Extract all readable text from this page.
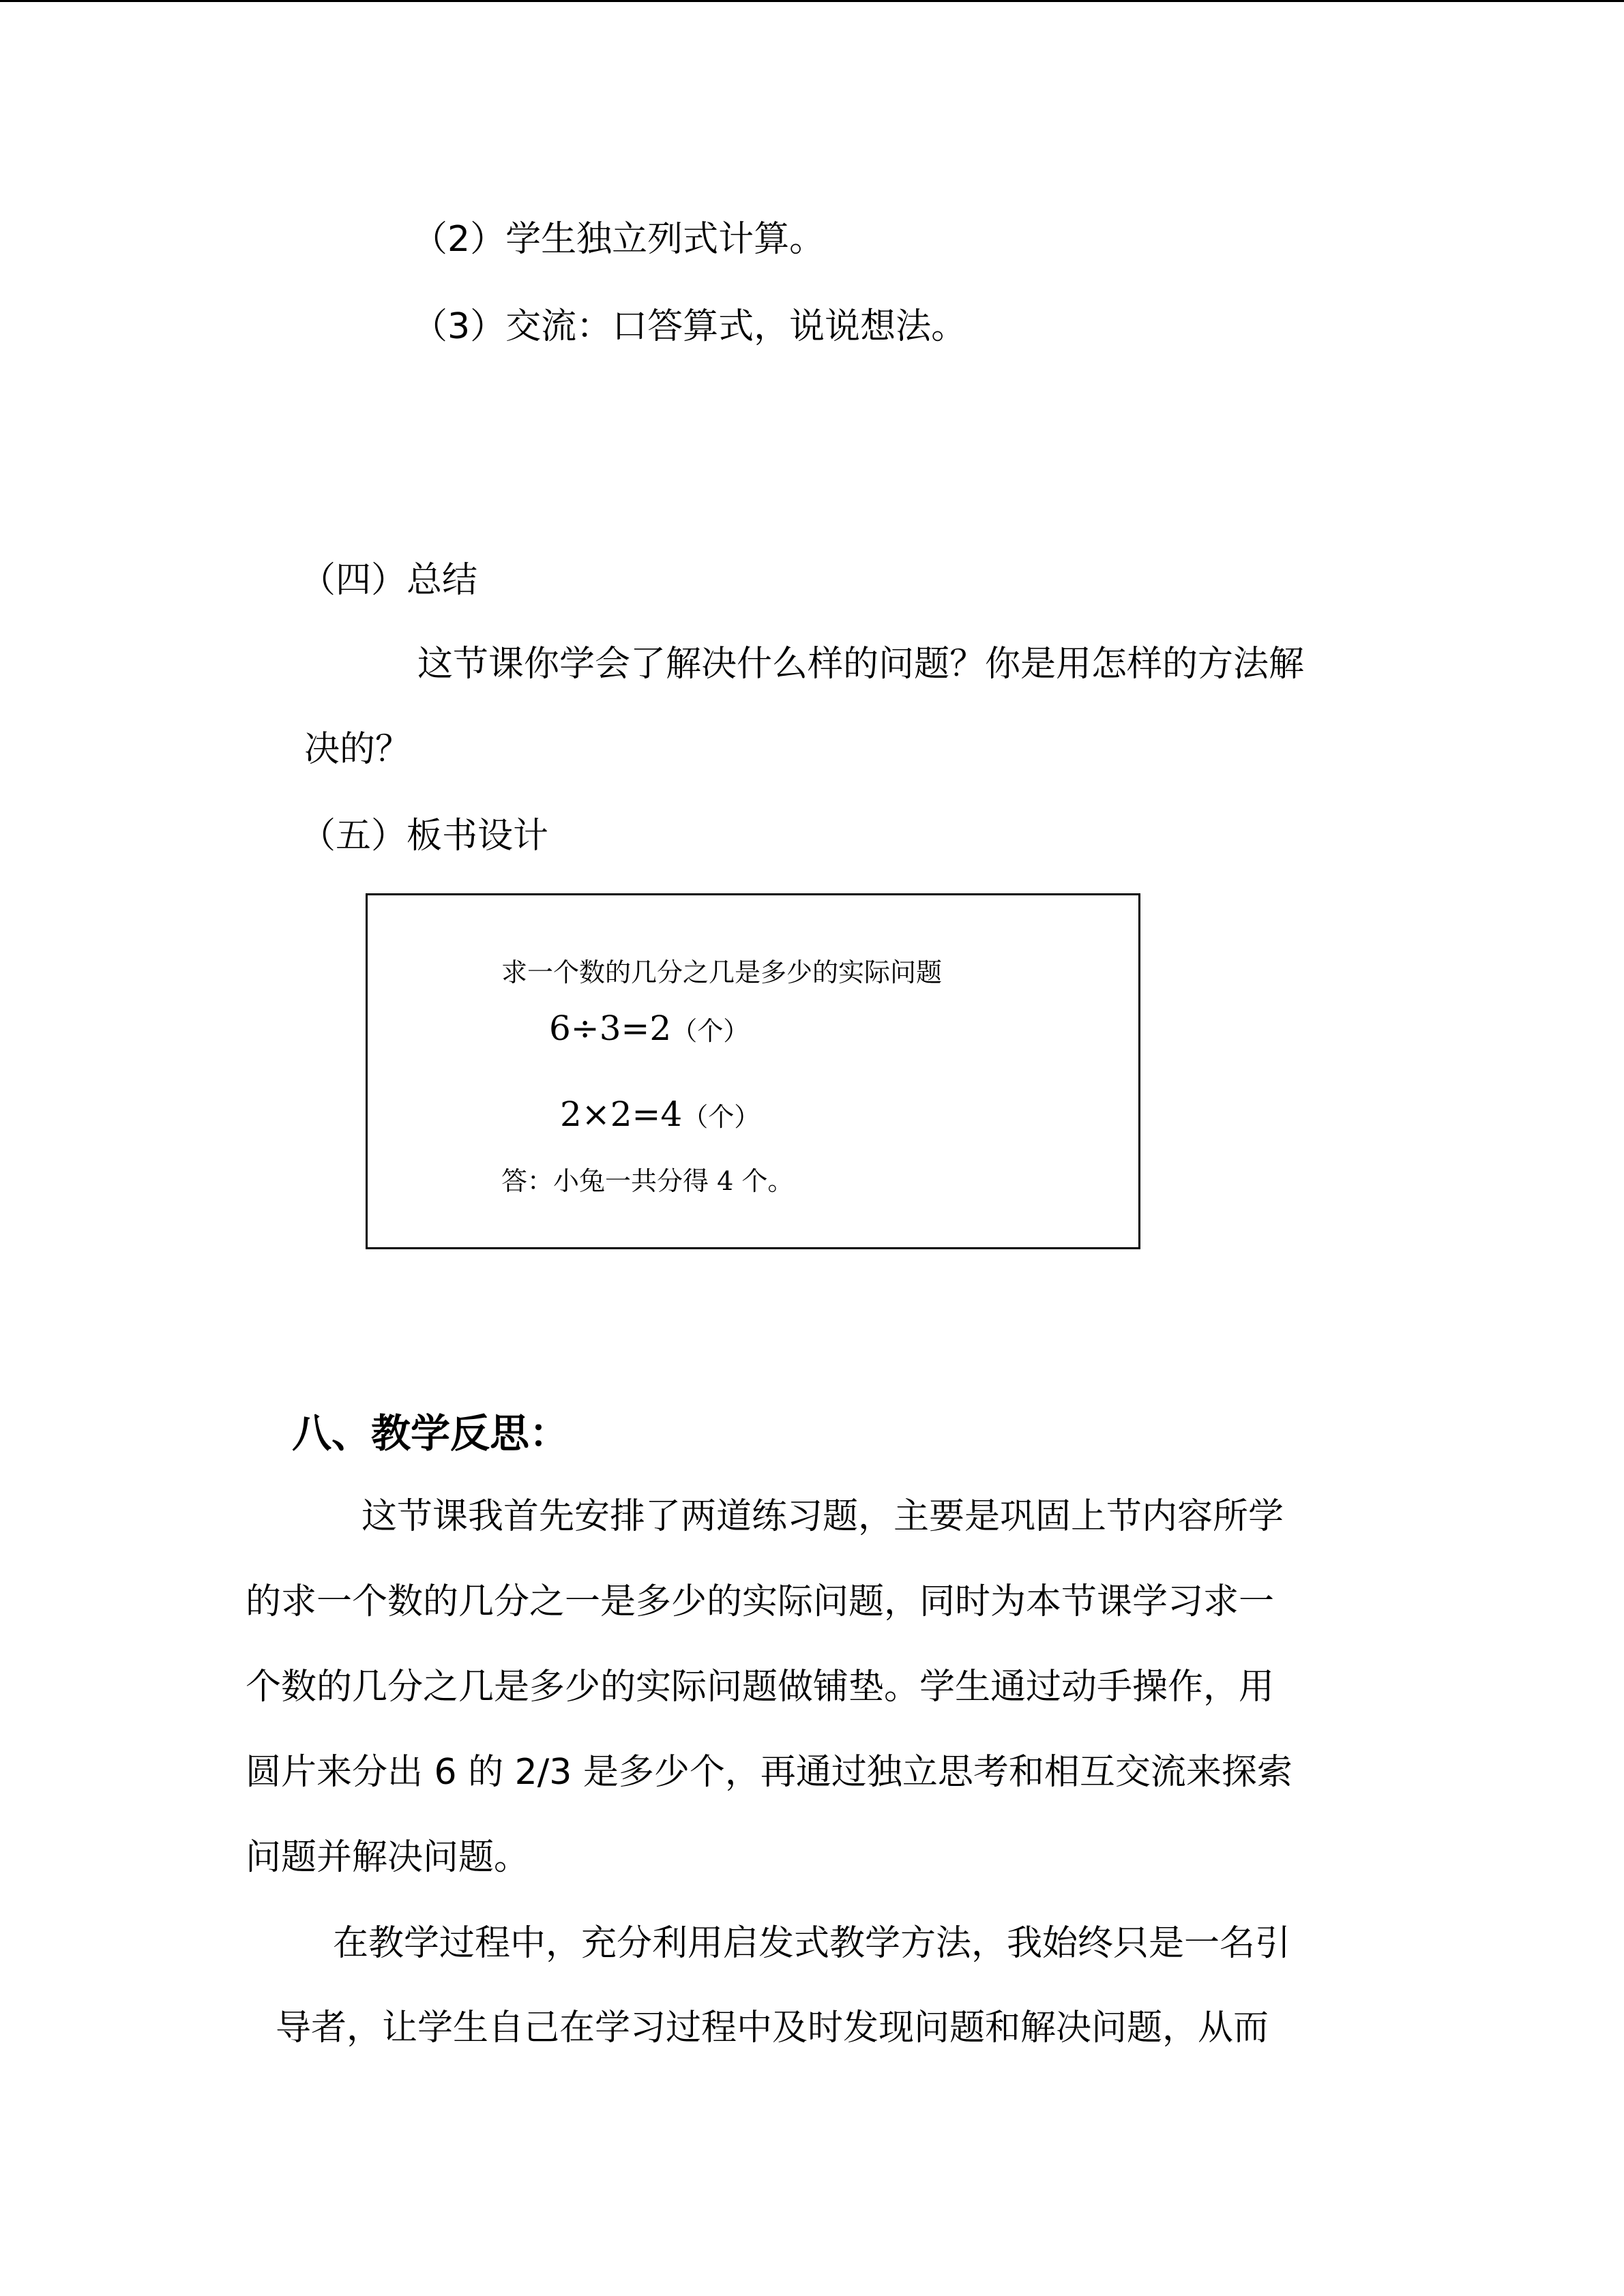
（2）学生独立列式计算。
（3）交流：口答算式，说说想法。
（四）总结
这节课你学会了解决什么样的问题？你是用怎样的方法解
决的？
（五）板书设计
求一个数的几分之几是多少的实际问题
6÷3=2（个）
2×2=4（个）
答：小兔一共分得 4 个。
八、教学反思：
这节课我首先安排了两道练习题，主要是巩固上节内容所学
的求一个数的几分之一是多少的实际问题，同时为本节课学习求一
个数的几分之几是多少的实际问题做铺垫。学生通过动手操作，用
圆片来分出 6 的 2/3 是多少个，再通过独立思考和相互交流来探索
问题并解决问题。
在教学过程中，充分利用启发式教学方法，我始终只是一名引
导者，让学生自己在学习过程中及时发现问题和解决问题，从而
